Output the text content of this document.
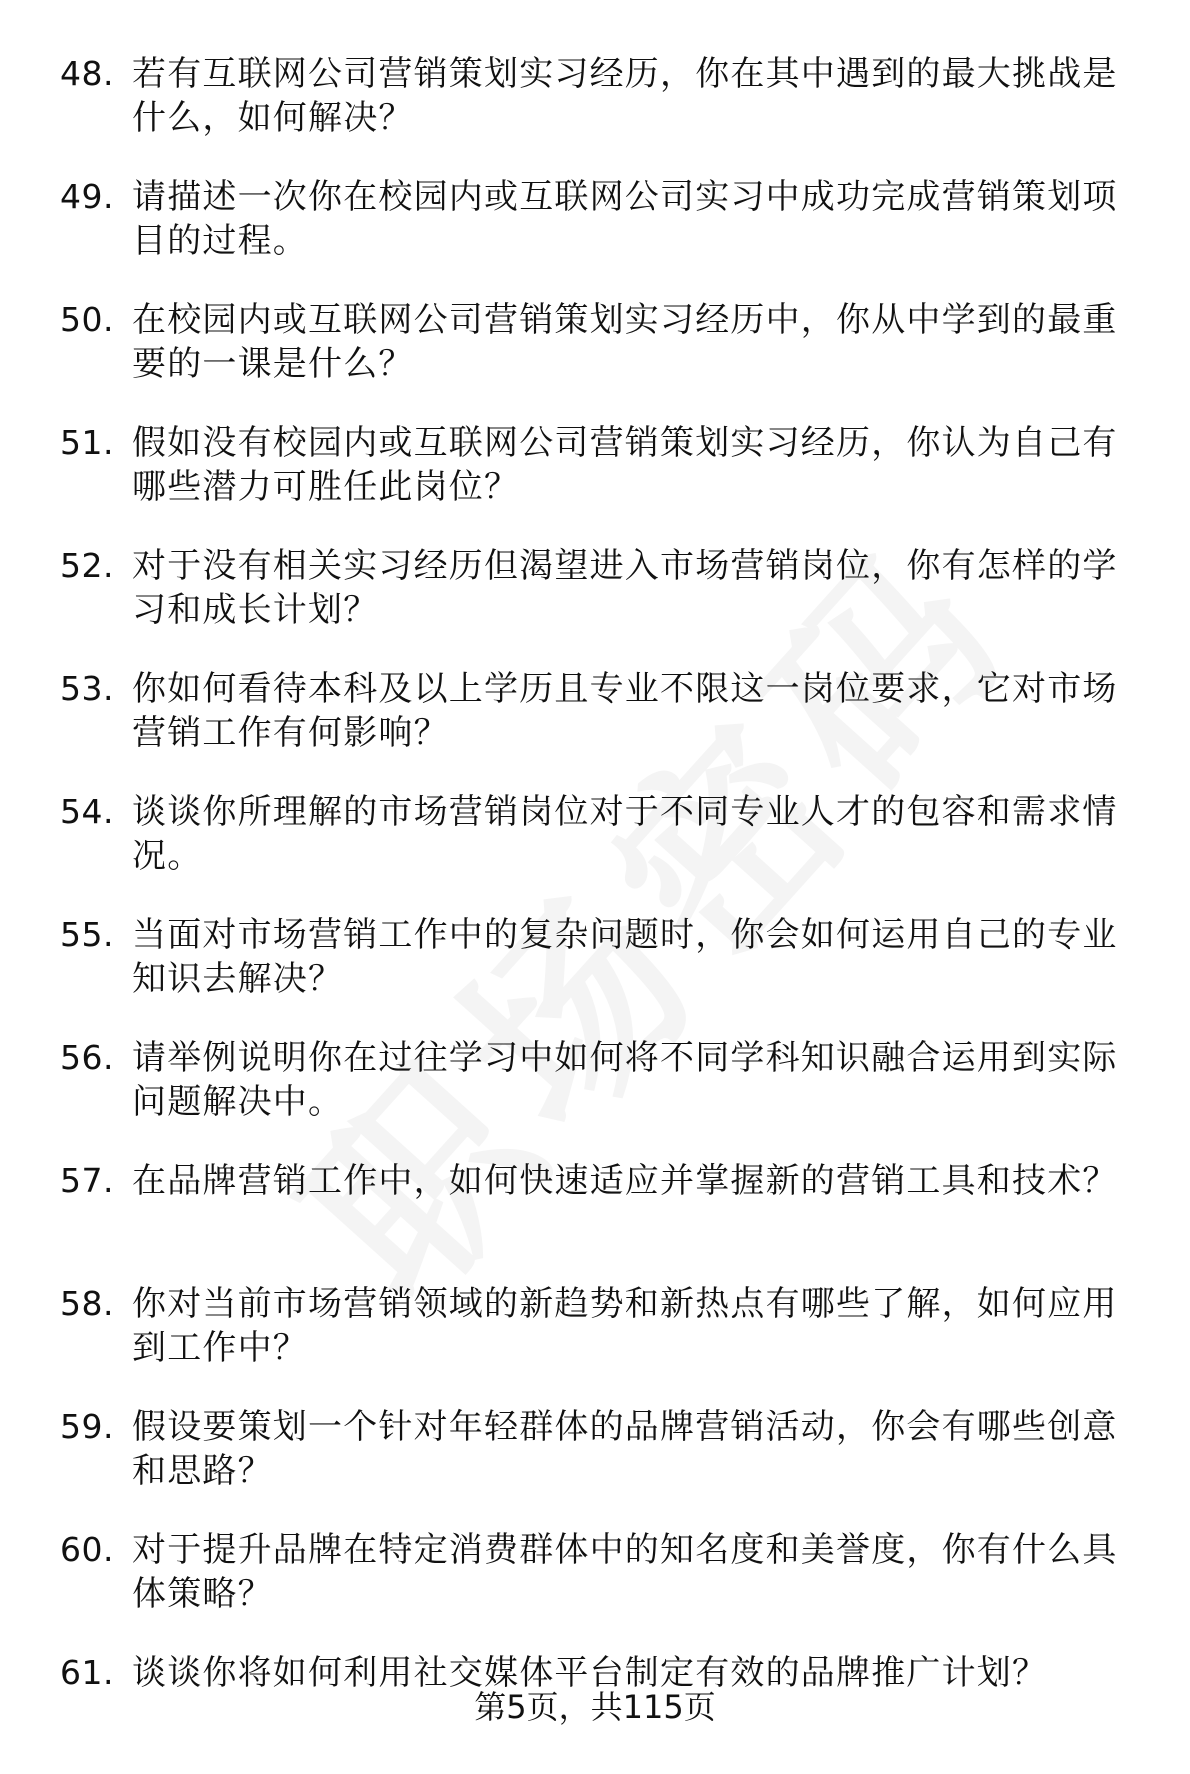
48. 若有互联网公司营销策划实习经历，你在其中遇到的最大挑战是什么，如何解决？
49. 请描述一次你在校园内或互联网公司实习中成功完成营销策划项目的过程。
50. 在校园内或互联网公司营销策划实习经历中，你从中学到的最重要的一课是什么？
51. 假如没有校园内或互联网公司营销策划实习经历，你认为自己有哪些潜力可胜任此岗位？
52. 对于没有相关实习经历但渴望进入市场营销岗位，你有怎样的学习和成长计划？
53. 你如何看待本科及以上学历且专业不限这一岗位要求，它对市场营销工作有何影响？
54. 谈谈你所理解的市场营销岗位对于不同专业人才的包容和需求情况。
55. 当面对市场营销工作中的复杂问题时，你会如何运用自己的专业知识去解决？
56. 请举例说明你在过往学习中如何将不同学科知识融合运用到实际问题解决中。
57. 在品牌营销工作中，如何快速适应并掌握新的营销工具和技术？
58. 你对当前市场营销领域的新趋势和新热点有哪些了解，如何应用到工作中？
59. 假设要策划一个针对年轻群体的品牌营销活动，你会有哪些创意和思路？
60. 对于提升品牌在特定消费群体中的知名度和美誉度，你有什么具体策略？
61. 谈谈你将如何利用社交媒体平台制定有效的品牌推广计划？
第5页，共115页
